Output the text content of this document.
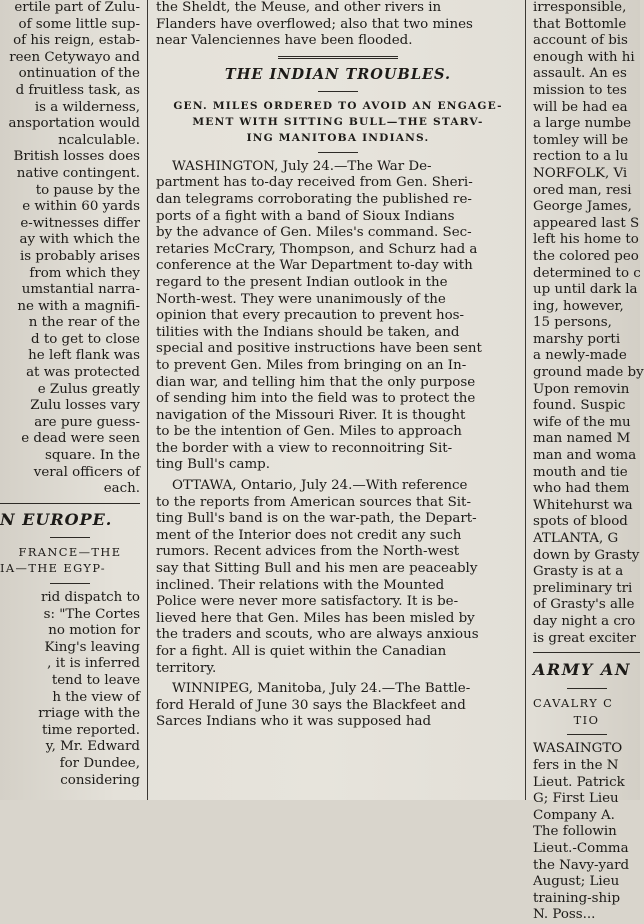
ertile part of Zulu-

of some little sup-

of his reign, estab-

reen Cetywayo and

ontinuation of the

d fruitless task, as

is a wilderness,

ansportation would

ncalculable.

British losses does

native contingent.

to pause by the

e within 60 yards

e-witnesses differ

ay with which the

is probably arises

from which they

umstantial narra-

ne with a magnifi-

n the rear of the

d to get to close

he left flank was

at was protected

e Zulus greatly

Zulu losses vary

are pure guess-

e dead were seen

square. In the

veral officers of

each.

N EUROPE.

FRANCE—THE

IA—THE EGYP-

rid dispatch to

s: "The Cortes

no motion for

King's leaving

, it is inferred

tend to leave

h the view of

rriage with the

time reported.

y, Mr. Edward

for Dundee,

considering

the Sheldt, the Meuse, and other rivers in

Flanders have overflowed; also that two mines

near Valenciennes have been flooded.

THE INDIAN TROUBLES.

GEN. MILES ORDERED TO AVOID AN ENGAGE-

MENT WITH SITTING BULL—THE STARV-

ING MANITOBA INDIANS.

WASHINGTON, July 24.—The War De-

partment has to-day received from Gen. Sheri-

dan telegrams corroborating the published re-

ports of a fight with a band of Sioux Indians

by the advance of Gen. Miles's command. Sec-

retaries McCrary, Thompson, and Schurz had a

conference at the War Department to-day with

regard to the present Indian outlook in the

North-west. They were unanimously of the

opinion that every precaution to prevent hos-

tilities with the Indians should be taken, and

special and positive instructions have been sent

to prevent Gen. Miles from bringing on an In-

dian war, and telling him that the only purpose

of sending him into the field was to protect the

navigation of the Missouri River. It is thought

to be the intention of Gen. Miles to approach

the border with a view to reconnoitring Sit-

ting Bull's camp.

OTTAWA, Ontario, July 24.—With reference

to the reports from American sources that Sit-

ting Bull's band is on the war-path, the Depart-

ment of the Interior does not credit any such

rumors. Recent advices from the North-west

say that Sitting Bull and his men are peaceably

inclined. Their relations with the Mounted

Police were never more satisfactory. It is be-

lieved here that Gen. Miles has been misled by

the traders and scouts, who are always anxious

for a fight. All is quiet within the Canadian

territory.

WINNIPEG, Manitoba, July 24.—The Battle-

ford Herald of June 30 says the Blackfeet and

Sarces Indians who it was supposed had

irresponsible,

that Bottomle

account of bis

enough with hi

assault. An es

mission to tes

will be had ea

a large numbe

tomley will be

rection to a lu

NORFOLK, Vi

ored man, resi

George James,

appeared last S

left his home to

the colored peo

determined to c

up until dark la

ing, however,

15 persons,

marshy porti

a newly-made

ground made by

Upon removin

found. Suspic

wife of the mu

man named M

man and woma

mouth and tie

who had them

Whitehurst wa

spots of blood

ATLANTA, G

down by Grasty

Grasty is at a

preliminary tri

of Grasty's alle

day night a cro

is great exciter

ARMY AN

CAVALRY C

TIO

WASAINGTO

fers in the N

Lieut. Patrick

G; First Lieu

Company A.

The followin

Lieut.-Comma

the Navy-yard

August; Lieu

training-ship

N. Poss...
